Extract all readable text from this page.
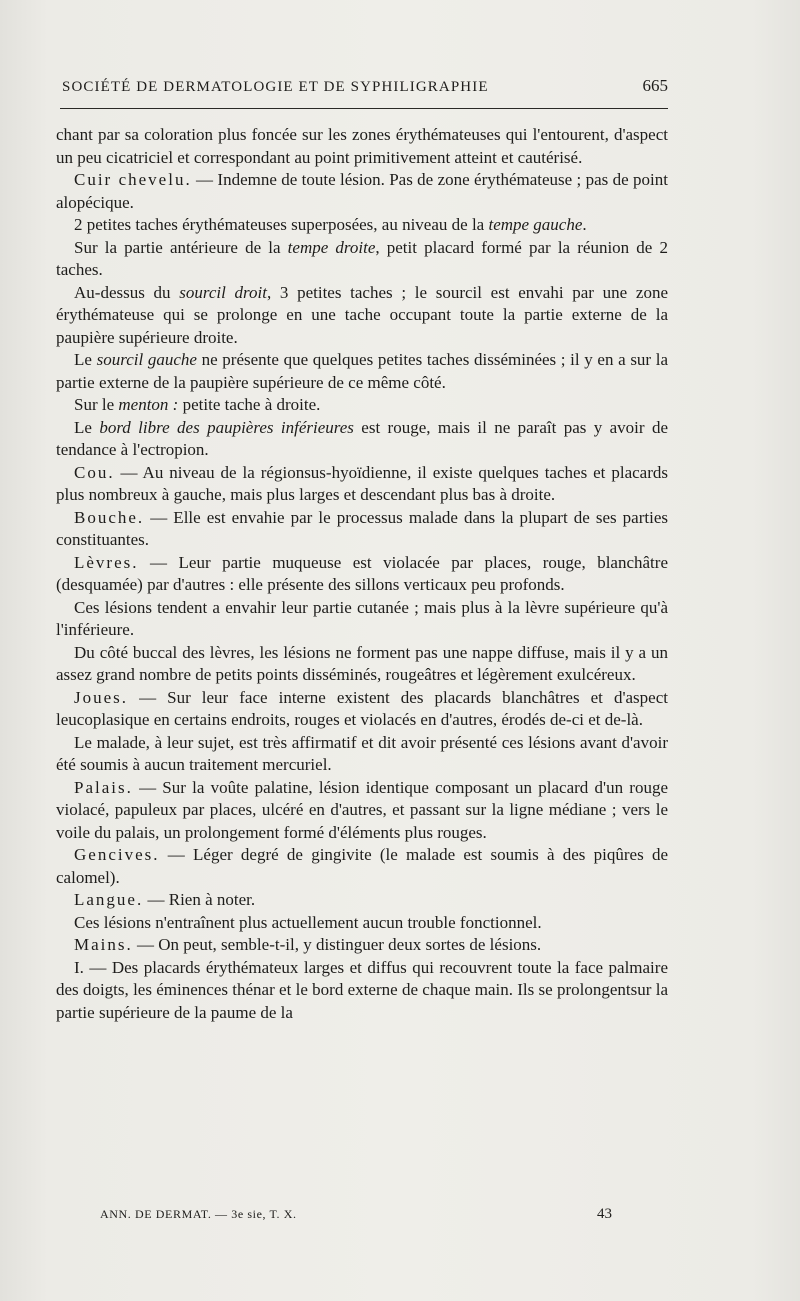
SOCIÉTÉ DE DERMATOLOGIE ET DE SYPHILIGRAPHIE	665

chant par sa coloration plus foncée sur les zones érythémateuses qui l'entourent, d'aspect un peu cicatriciel et correspondant au point primitivement atteint et cautérisé.

Cuir chevelu. — Indemne de toute lésion. Pas de zone érythémateuse ; pas de point alopécique.

2 petites taches érythémateuses superposées, au niveau de la tempe gauche.

Sur la partie antérieure de la tempe droite, petit placard formé par la réunion de 2 taches.

Au-dessus du sourcil droit, 3 petites taches ; le sourcil est envahi par une zone érythémateuse qui se prolonge en une tache occupant toute la partie externe de la paupière supérieure droite.

Le sourcil gauche ne présente que quelques petites taches disséminées ; il y en a sur la partie externe de la paupière supérieure de ce même côté.

Sur le menton : petite tache à droite.

Le bord libre des paupières inférieures est rouge, mais il ne paraît pas y avoir de tendance à l'ectropion.

Cou. — Au niveau de la régionsus-hyoïdienne, il existe quelques taches et placards plus nombreux à gauche, mais plus larges et descendant plus bas à droite.

Bouche. — Elle est envahie par le processus malade dans la plupart de ses parties constituantes.

Lèvres. — Leur partie muqueuse est violacée par places, rouge, blanchâtre (desquamée) par d'autres : elle présente des sillons verticaux peu profonds.

Ces lésions tendent a envahir leur partie cutanée ; mais plus à la lèvre supérieure qu'à l'inférieure.

Du côté buccal des lèvres, les lésions ne forment pas une nappe diffuse, mais il y a un assez grand nombre de petits points disséminés, rougeâtres et légèrement exulcéreux.

Joues. — Sur leur face interne existent des placards blanchâtres et d'aspect leucoplasique en certains endroits, rouges et violacés en d'autres, érodés de-ci et de-là.

Le malade, à leur sujet, est très affirmatif et dit avoir présenté ces lésions avant d'avoir été soumis à aucun traitement mercuriel.

Palais. — Sur la voûte palatine, lésion identique composant un placard d'un rouge violacé, papuleux par places, ulcéré en d'autres, et passant sur la ligne médiane ; vers le voile du palais, un prolongement formé d'éléments plus rouges.

Gencives. — Léger degré de gingivite (le malade est soumis à des piqûres de calomel).

Langue. — Rien à noter.

Ces lésions n'entraînent plus actuellement aucun trouble fonctionnel.

Mains. — On peut, semble-t-il, y distinguer deux sortes de lésions.

I. — Des placards érythémateux larges et diffus qui recouvrent toute la face palmaire des doigts, les éminences thénar et le bord externe de chaque main. Ils se prolongentsur la partie supérieure de la paume de la

ANN. DE DERMAT. — 3e sie, T. X.	43
